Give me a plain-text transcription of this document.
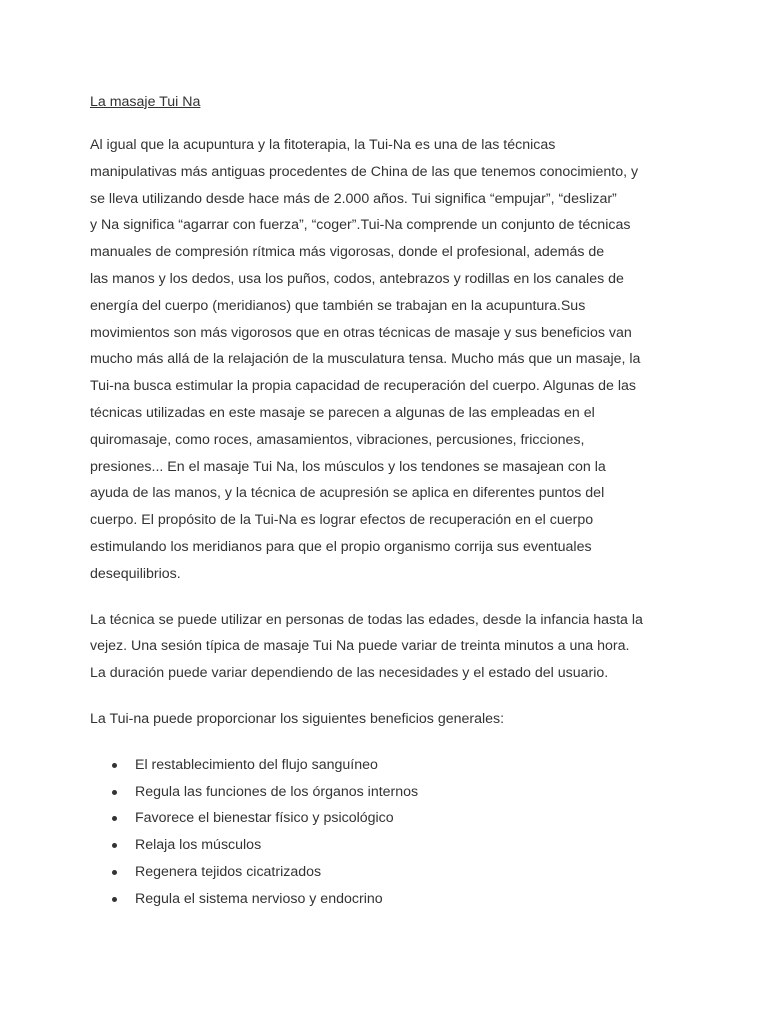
La masaje Tui Na
Al igual que la acupuntura y la fitoterapia, la Tui-Na es una de las técnicas
manipulativas más antiguas procedentes de China de las que tenemos conocimiento, y
se lleva utilizando desde hace más de 2.000 años. Tui significa “empujar”, “deslizar”
y Na significa “agarrar con fuerza”, “coger”.Tui-Na comprende un conjunto de técnicas
manuales de compresión rítmica más vigorosas, donde el profesional, además de
las manos y los dedos, usa los puños, codos, antebrazos y rodillas en los canales de
energía del cuerpo (meridianos) que también se trabajan en la acupuntura.Sus
movimientos son más vigorosos que en otras técnicas de masaje y sus beneficios van
mucho más allá de la relajación de la musculatura tensa. Mucho más que un masaje, la
Tui-na busca estimular la propia capacidad de recuperación del cuerpo. Algunas de las
técnicas utilizadas en este masaje se parecen a algunas de las empleadas en el
quiromasaje, como roces, amasamientos, vibraciones, percusiones, fricciones,
presiones... En el masaje Tui Na, los músculos y los tendones se masajean con la
ayuda de las manos, y la técnica de acupresión se aplica en diferentes puntos del
cuerpo. El propósito de la Tui-Na es lograr efectos de recuperación en el cuerpo
estimulando los meridianos para que el propio organismo corrija sus eventuales
desequilibrios.
La técnica se puede utilizar en personas de todas las edades, desde la infancia hasta la
vejez. Una sesión típica de masaje Tui Na puede variar de treinta minutos a una hora.
La duración puede variar dependiendo de las necesidades y el estado del usuario.
La Tui-na puede proporcionar los siguientes beneficios generales:
El restablecimiento del flujo sanguíneo
Regula las funciones de los órganos internos
Favorece el bienestar físico y psicológico
Relaja los músculos
Regenera tejidos cicatrizados
Regula el sistema nervioso y endocrino
